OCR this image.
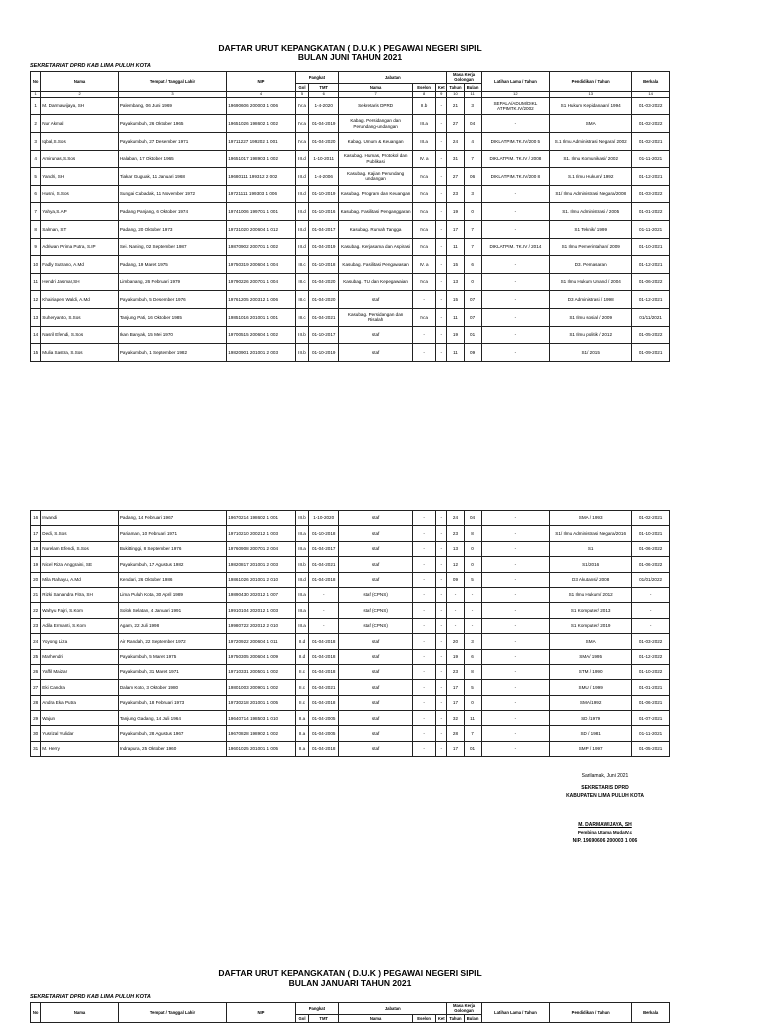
DAFTAR URUT KEPANGKATAN ( D.U.K ) PEGAWAI NEGERI SIPIL
BULAN JUNI TAHUN 2021
SEKRETARIAT DPRD KAB LIMA PULUH KOTA
No	Nama	Tempat / Tanggal Lahir	NIP	Pangkat		Jabatan			Masa Kerja Golongan		Latihan Lama / Tahun	Pendidikan / Tahun	Berkala
				Gol	TMT	Nama	Eselon	Ket	Tahun	Bulan			
1	2	3	4	5	6	7	8	9	10	11	12	13	14
1	M. Darmawijaya, SH	Palembang, 06 Juni 1969	19690606 200003 1 006	IV.a	1-4-2020	Sekretaris DPRD	II.b	-	21	3	SEPALA/ADUM/DIKL ATPIMTK.IV/2002	S1 Hukum Kepidanaan/ 1994	01-03-2022
2	Nur Akmal	Payakumbuh, 26 Oktober 1965	19651026 198602 1 002	IV.a	01-04-2019	Kabag. Persidangan dan Perundang-undangan	III.a	-	27	04	-	SMA	01-02-2022
3	Iqbal,S.Sos	Payakumbuh, 27 Desember 1971	19711227 199202 1 001	IV.a	01-04-2020	Kabag. Umum & Keuangan	III.a	-	24	4	DIKLATPIM.TK.IV/200 5	S.1 Ilmu Administrasi Negara/ 2002	01-02-2021
4	Amirunas,S.Sos	Halaban, 17 Oktober 1965	19651017 198903 1 002	III.d	1-10-2011	Kasubag. Humas, Protokol dan Publikasi	IV. a	-	31	7	DIKLATPIM. TK.IV / 2008	S1. Ilmu Komunikasi/ 2002	01-11-2021
5	Yandri, SH	Tiakar Guguak, 11 Januari 1968	19680111 199312 2 002	III.d	1-4-2006	Kasubag. Kajian Perundang undangan	IV.a	-	27	06	DIKLATPIM.TK.IV/200 8	S.1 Ilmu Hukum/ 1992	01-12-2021
6	Husni, S.Sos	Sungai Cubadak, 11 November 1972	19721111 199303 1 006	III.d	01-10-2019	Kasubag. Program dan Keuangan	IV.a	-	23	3	-	S1/ Ilmu Administrasi Negara/2008	01-03-2022
7	Yahya,S.AP	Padang Panjang, 6 Oktober 1974	19741006 199701 1 001	III.d	01-10-2016	Kasubag. Fasilitasi Penganggaran	IV.a	-	19	0	-	S1. Ilmu Administrasi / 2005	01-01-2022
8	Salman, ST	Padang, 20 Oktober 1973	19731020 200604 1 012	III.d	01-04-2017	Kasubag. Rumah Tangga	IV.a	-	17	7	-	S1 Teknik/ 1999	01-11-2021
9	Adriwan Prima Putra, S.IP	Sei. Naning, 02 September 1987	19870902 200701 1 002	III.d	01-04-2019	Kasubag. Kerjasama dan Aspirasi	IV.a	-	11	7	DIKLATPIM. TK.IV / 2014	S1 Ilmu Pemerintahan/ 2009	01-10-2021
10	Fadly Sutrano, A.Md	Padang, 19 Maret 1975	19750319 200604 1 004	III.c	01-10-2018	Kasubag. Fasilitasi Pengawasan	IV. a	-	15	6	-	D3. Pemasaran	01-12-2021
11	Hendri Jasmar,SH	Limbanang, 26 Februari 1979	19790226 200701 1 004	III.c	01-04-2020	Kasubag. TU dan Kepegawaian	IV.a	-	13	0	-	S1 Ilmu Hukum Unand / 2004	01-06-2022
12	Khairiapen Waldi, A.Md	Payakumbuh, 5 Desember 1976	19761205 200312 1 006	III.c	01-04-2020	staf	-	-	15	07	-	D3 Administrasi / 1998	01-12-2021
13	Suheryanto, S.Sos	Tanjung Pati, 16 Oktober 1985	19851016 201001 1 001	III.c	01-04-2021	Kasubag. Persidangan dan Risalah	IV.a	-	11	07	-	S1 Ilmu sosial / 2009	01/11/2021
14	Nasril Efendi, S.Sos	Ikan Banyak, 15 Mei 1970	19700515 200604 1 002	III.b	01-10-2017	staf	-	-	19	01	-	S1 Ilmu politik / 2012	01-05-2022
15	Mulia Sastra, S.Sos	Payakumbuh, 1 September 1982	19820901 201001 2 003	III.b	01-10-2019	staf	-	-	11	09	-	S1/ 2015	01-09-2021
16	Irwandi	Padang, 14 Februari 1967	19670214 198602 1 001	III.b	1-10-2020	staf	-	-	24	04	-	SMA / 1993	01-02-2021
17	Dedi, S.Sos	Pariaman, 10 Februari 1971	19710210 200212 1 003	III.a	01-10-2018	staf	-	-	23	8	-	S1/ Ilmu Administrasi Negara/2016	01-10-2021
18	Nurelam Efendi, S.Sos	Bukittinggi, 8 September 1976	19760908 200701 2 004	III.a	01-04-2017	staf	-	-	13	0	-	S1	01-06-2022
19	Nicel Riza Anggraini, SE	Payakumbuh, 17 Agustus 1982	19820817 201001 2 003	III.b	01-04-2021	staf	-	-	12	0	-	S1/2016	01-06-2022
20	Mila Rahayu, A.Md	Kendari, 26 Oktober 1986	19861026 201001 2 010	III.d	01-04-2018	staf	-	-	09	5	-	D3 Akutansi/ 2008	01/01/2022
21	Rizki Sanandra Fitra, SH	Lima Puluh Kota, 30 April 1989	19890430 202012 1 007	III.a	-	staf (CPNS)	-	-	-	-	-	S1 Ilmu Hukum/ 2012	-
22	Wahyu Fajri, S.Kom	Solok Selatan, 4 Januari 1991	19910104 202012 1 003	III.a	-	staf (CPNS)	-	-	-	-	-	S1 Komputer/ 2013	-
23	Adila Ermanti, S.Kom	Agam, 22 Juli 1998	19980722 202012 2 010	III.a	-	staf (CPNS)	-	-	-	-	-	S1 Komputer/ 2019	-
24	Yoyong Liza	Air Randah, 22 September 1972	19720922 200604 1 011	II.d	01-04-2018	staf	-	-	20	3	-	SMA	01-03-2022
25	Marhendri	Payakumbuh, 5 Maret 1975	19750305 200604 1 009	II.d	01-04-2018	staf	-	-	19	6	-	SMA/ 1995	01-12-2022
26	Yaffil Maizar	Payakumbuh, 31 Maret 1971	19710331 200501 1 002	II.c	01-04-2018	staf	-	-	23	8	-	STM / 1990	01-10-2022
27	Eki Candra	Dalam Koto, 3 Oktober 1980	19801003 200901 1 002	II.c	01-04-2021	staf	-	-	17	5	-	SMU / 1999	01-01-2021
28	Andra Eka Putra	Payakumbuh, 18 Februari 1973	19730218 201001 1 005	II.c	01-04-2018	staf	-	-	17	0	-	SMA/1992	01-06-2021
29	Wajun	Tanjung Gadang, 14 Juli 1964	19640714 198503 1 010	II.a	01-04-2005	staf	-	-	32	11	-	SD /1979	01-07-2021
30	Yusrizal Yulidar	Payakumbuh, 28 Agustus 1967	19670828 198902 1 002	II.a	01-04-2005	staf	-	-	28	7	-	SD / 1981	01-11-2021
31	M. Herry	Indrapura, 25 Oktober 1960	19601025 201001 1 005	II.a	01-04-2018	staf	-	-	17	01	-	SMP / 1997	01-05-2021
Sarilamak, Juni 2021
SEKRETARIS DPRD
KABUPATEN LIMA PULUH KOTA
M. DARMAWIJAYA, SH
Pembina Utama MudaIV.c
NIP. 19690606 200003 1 006
DAFTAR URUT KEPANGKATAN ( D.U.K ) PEGAWAI NEGERI SIPIL
BULAN JANUARI TAHUN 2021
SEKRETARIAT DPRD KAB LIMA PULUH KOTA
No	Nama	Tempat / Tanggal Lahir	NIP	Pangkat		Jabatan			Masa Kerja Golongan		Latihan Lama / Tahun	Pendidikan / Tahun	Berkala
				Gol	TMT	Nama	Eselon	Ket	Tahun	Bulan			
